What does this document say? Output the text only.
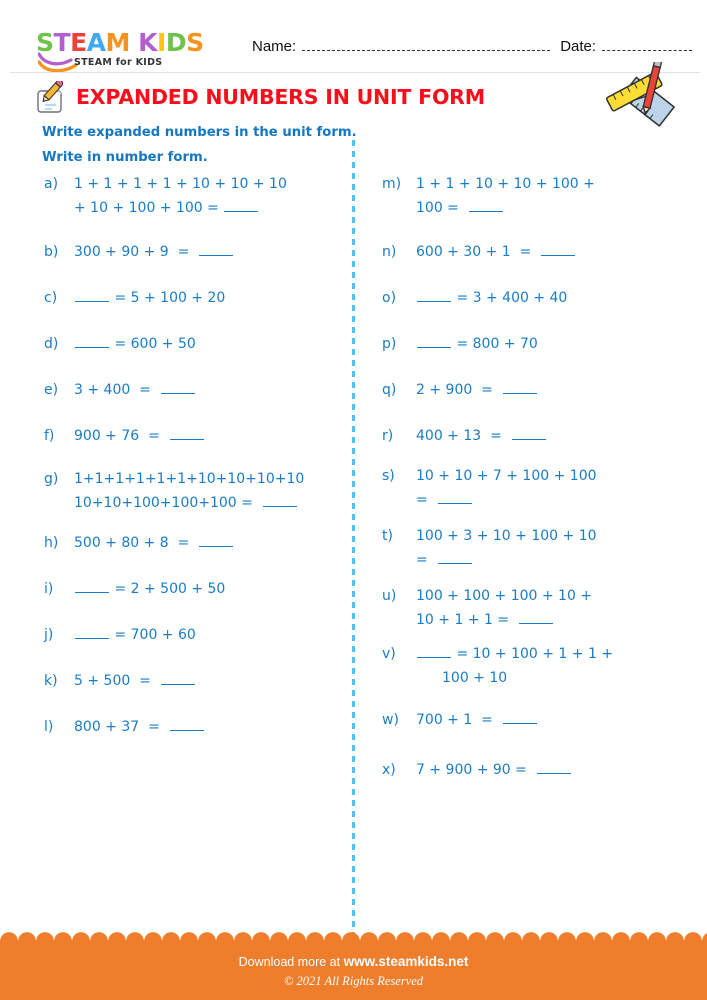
STEAM KIDS
STEAM for KIDS
Name:	Date:
EXPANDED NUMBERS IN UNIT FORM
Write expanded numbers in the unit form.
Write in number form.
a)	1 + 1 + 1 + 1 + 10 + 10 + 10
+ 10 + 100 + 100 =
b)	300 + 90 + 9  =
c)	= 5 + 100 + 20
d)	= 600 + 50
e)	3 + 400  =
f)	900 + 76  =
g)	1+1+1+1+1+1+10+10+10+10
10+10+100+100+100 =
h)	500 + 80 + 8  =
i)	= 2 + 500 + 50
j)	= 700 + 60
k)	5 + 500  =
l)	800 + 37  =
m)	1 + 1 + 10 + 10 + 100 +
100 =
n)	600 + 30 + 1  =
o)	= 3 + 400 + 40
p)	= 800 + 70
q)	2 + 900  =
r)	400 + 13  =
s)	10 + 10 + 7 + 100 + 100
=
t)	100 + 3 + 10 + 100 + 10
=
u)	100 + 100 + 100 + 10 +
10 + 1 + 1 =
v)	= 10 + 100 + 1 + 1 +
100 + 10
w)	700 + 1  =
x)	7 + 900 + 90 =
Download more at www.steamkids.net
© 2021 All Rights Reserved
